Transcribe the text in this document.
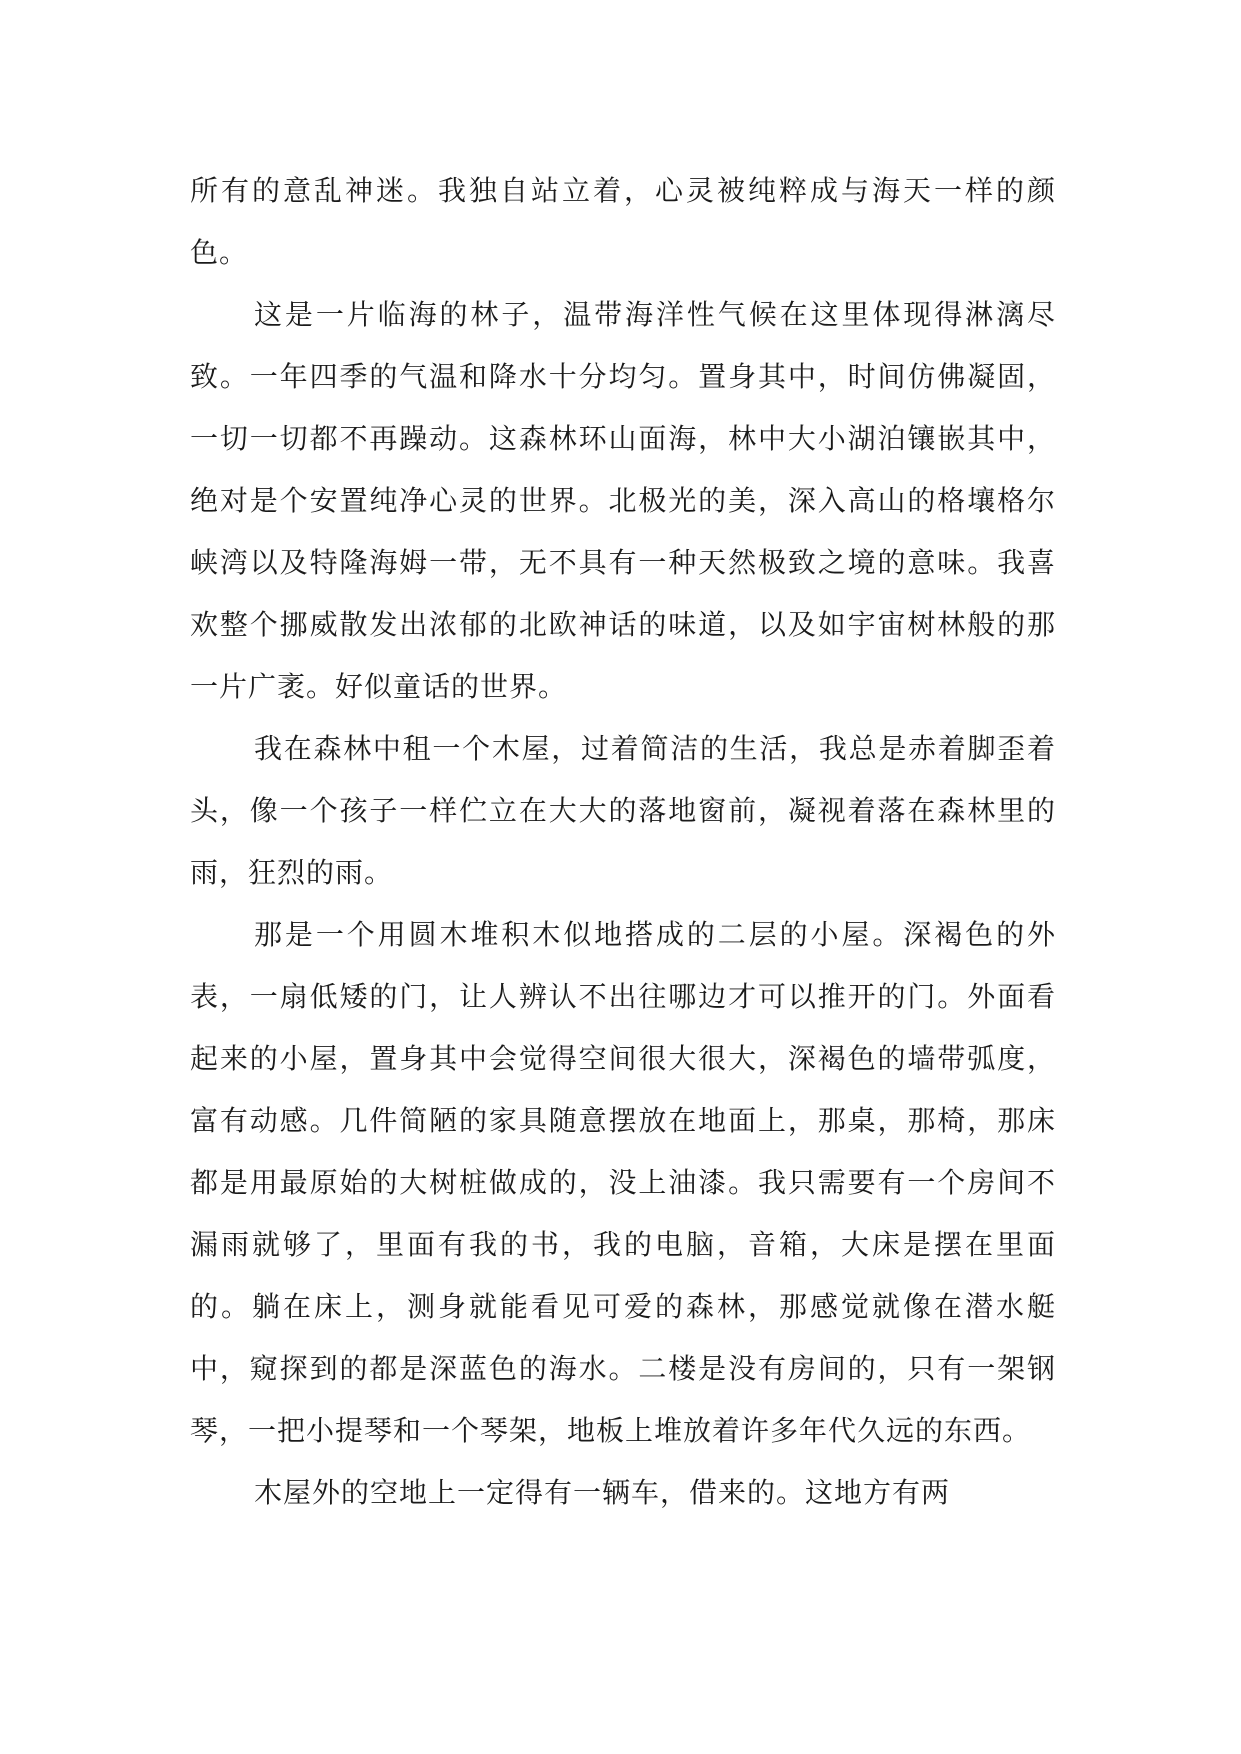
所有的意乱神迷。我独自站立着，心灵被纯粹成与海天一样的颜色。

这是一片临海的林子，温带海洋性气候在这里体现得淋漓尽致。一年四季的气温和降水十分均匀。置身其中，时间仿佛凝固，一切一切都不再躁动。这森林环山面海，林中大小湖泊镶嵌其中，绝对是个安置纯净心灵的世界。北极光的美，深入高山的格壤格尔峡湾以及特隆海姆一带，无不具有一种天然极致之境的意味。我喜欢整个挪威散发出浓郁的北欧神话的味道，以及如宇宙树林般的那一片广袤。好似童话的世界。

我在森林中租一个木屋，过着简洁的生活，我总是赤着脚歪着头，像一个孩子一样伫立在大大的落地窗前，凝视着落在森林里的雨，狂烈的雨。

那是一个用圆木堆积木似地搭成的二层的小屋。深褐色的外表，一扇低矮的门，让人辨认不出往哪边才可以推开的门。外面看起来的小屋，置身其中会觉得空间很大很大，深褐色的墙带弧度，富有动感。几件简陋的家具随意摆放在地面上，那桌，那椅，那床都是用最原始的大树桩做成的，没上油漆。我只需要有一个房间不漏雨就够了，里面有我的书，我的电脑，音箱，大床是摆在里面的。躺在床上，测身就能看见可爱的森林，那感觉就像在潜水艇中，窥探到的都是深蓝色的海水。二楼是没有房间的，只有一架钢琴，一把小提琴和一个琴架，地板上堆放着许多年代久远的东西。

木屋外的空地上一定得有一辆车，借来的。这地方有两
